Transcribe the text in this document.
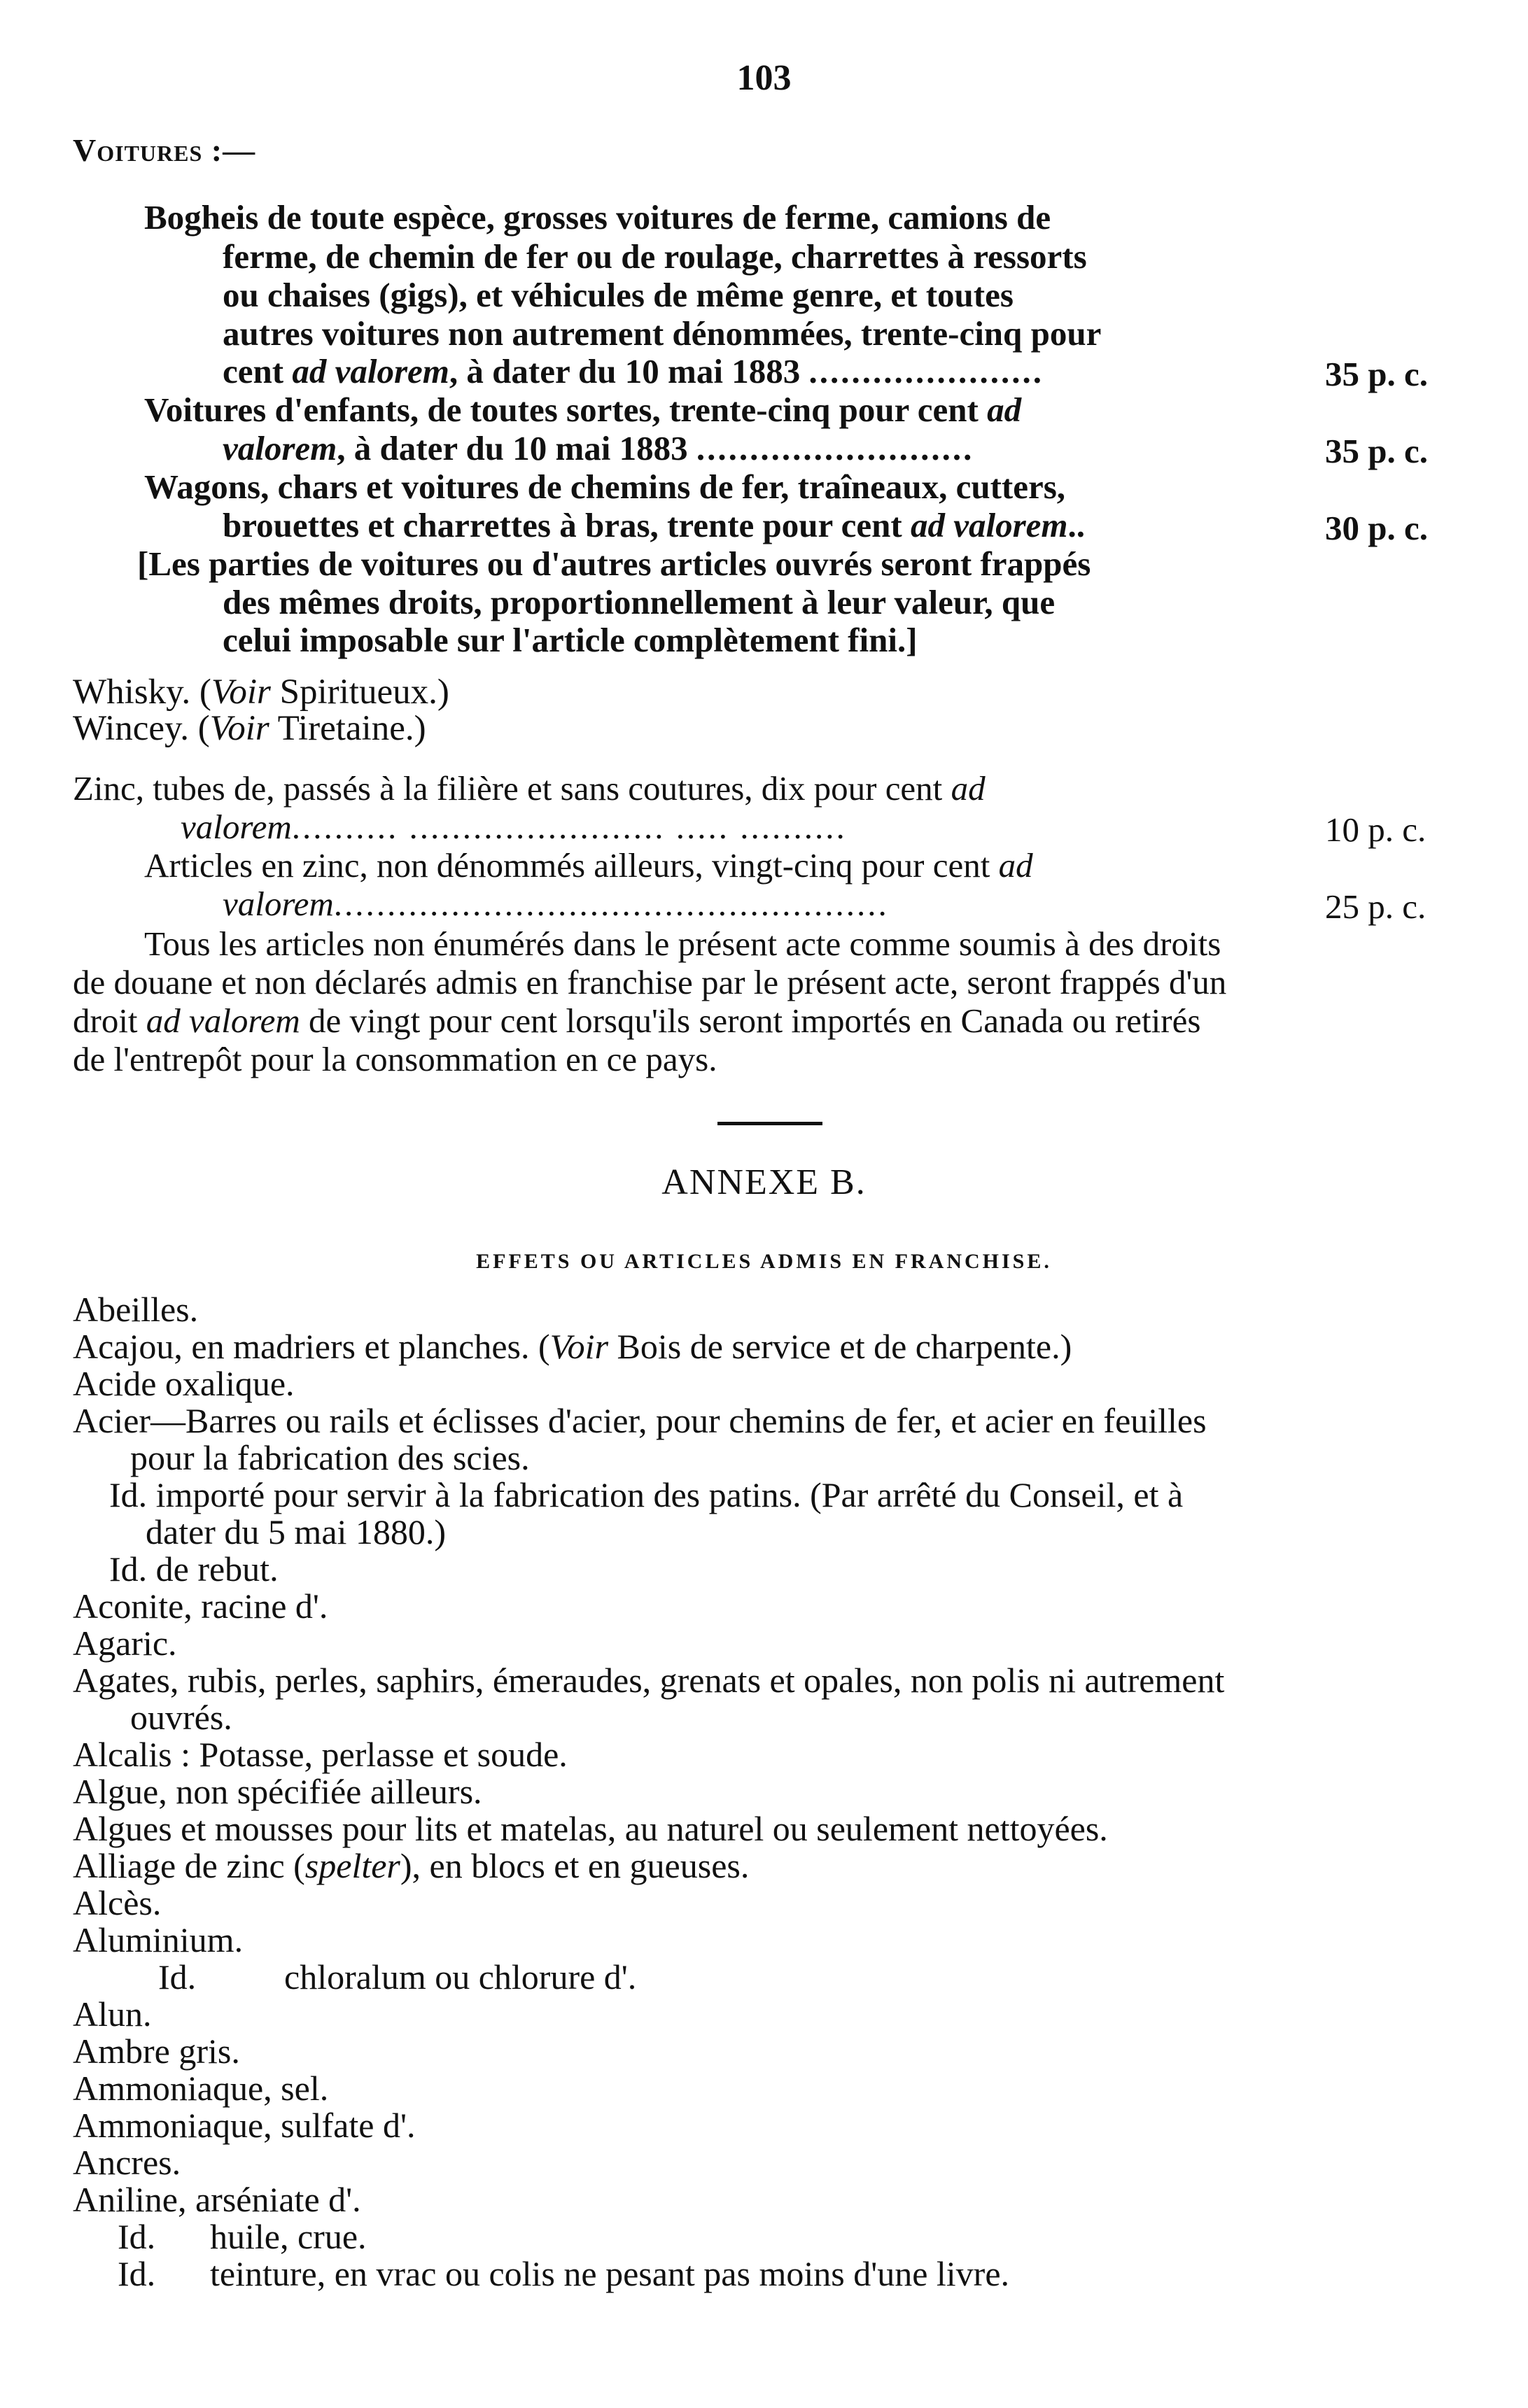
103
Voitures :—
Bogheis de toute espèce, grosses voitures de ferme, camions de
ferme, de chemin de fer ou de roulage, charrettes à ressorts
ou chaises (gigs), et véhicules de même genre, et toutes
autres voitures non autrement dénommées, trente-cinq pour
cent ad valorem, à dater du 10 mai 1883 ......................	35 p. c.
Voitures d'enfants, de toutes sortes, trente-cinq pour cent ad
valorem, à dater du 10 mai 1883 ..........................	35 p. c.
Wagons, chars et voitures de chemins de fer, traîneaux, cutters,
brouettes et charrettes à bras, trente pour cent ad valorem..	30 p. c.
[Les parties de voitures ou d'autres articles ouvrés seront frappés
des mêmes droits, proportionnellement à leur valeur, que
celui imposable sur l'article complètement fini.]
Whisky. (Voir Spiritueux.)
Wincey. (Voir Tiretaine.)
Zinc, tubes de, passés à la filière et sans coutures, dix pour cent ad
valorem.......... ........................ ..... ..........	10 p. c.
Articles en zinc, non dénommés ailleurs, vingt-cinq pour cent ad
valorem....................................................	25 p. c.
Tous les articles non énumérés dans le présent acte comme soumis à des droits
de douane et non déclarés admis en franchise par le présent acte, seront frappés d'un
droit ad valorem de vingt pour cent lorsqu'ils seront importés en Canada ou retirés
de l'entrepôt pour la consommation en ce pays.
ANNEXE B.
EFFETS OU ARTICLES ADMIS EN FRANCHISE.
Abeilles.
Acajou, en madriers et planches. (Voir Bois de service et de charpente.)
Acide oxalique.
Acier—Barres ou rails et éclisses d'acier, pour chemins de fer, et acier en feuilles
pour la fabrication des scies.
Id. importé pour servir à la fabrication des patins. (Par arrêté du Conseil, et à
dater du 5 mai 1880.)
Id. de rebut.
Aconite, racine d'.
Agaric.
Agates, rubis, perles, saphirs, émeraudes, grenats et opales, non polis ni autrement
ouvrés.
Alcalis : Potasse, perlasse et soude.
Algue, non spécifiée ailleurs.
Algues et mousses pour lits et matelas, au naturel ou seulement nettoyées.
Alliage de zinc (spelter), en blocs et en gueuses.
Alcès.
Aluminium.
Id.	chloralum ou chlorure d'.
Alun.
Ambre gris.
Ammoniaque, sel.
Ammoniaque, sulfate d'.
Ancres.
Aniline, arséniate d'.
Id. huile, crue.
Id. teinture, en vrac ou colis ne pesant pas moins d'une livre.
